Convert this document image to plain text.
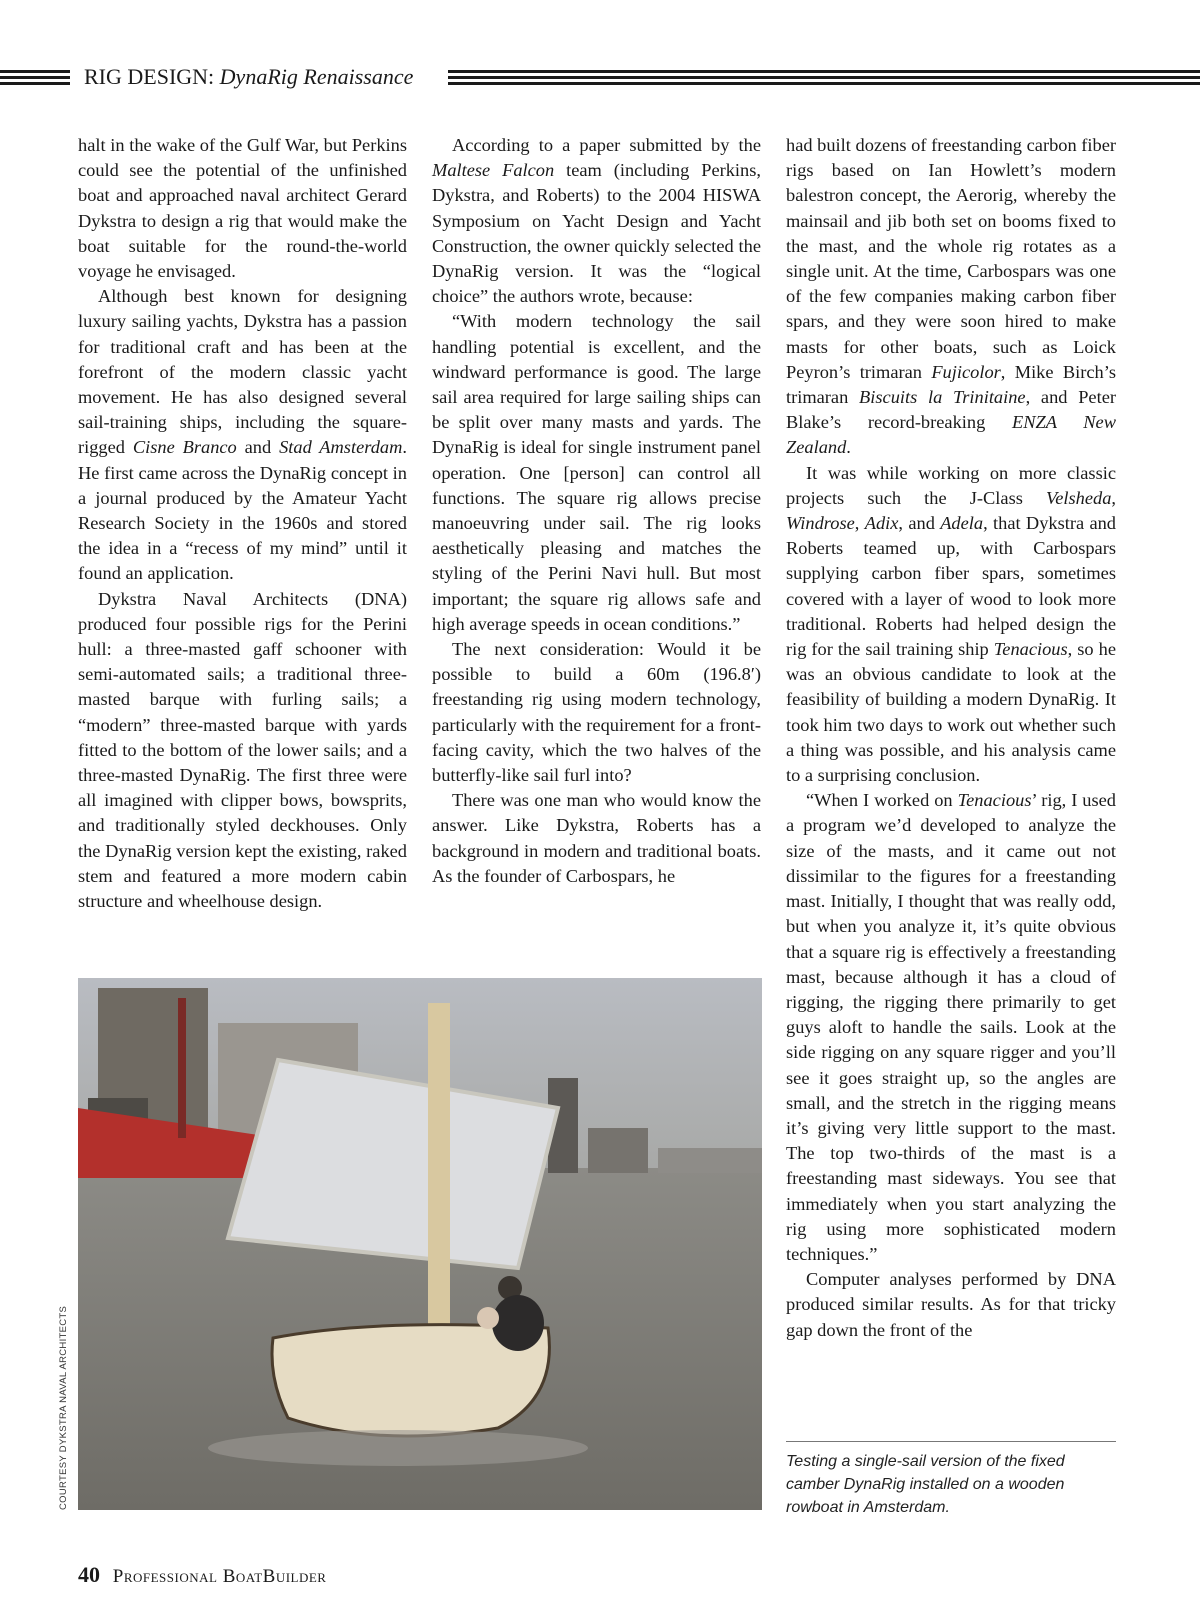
RIG DESIGN: DynaRig Renaissance

halt in the wake of the Gulf War, but Perkins could see the potential of the unfinished boat and approached naval architect Gerard Dykstra to design a rig that would make the boat suitable for the round-the-world voyage he envisaged.

Although best known for designing luxury sailing yachts, Dykstra has a passion for traditional craft and has been at the forefront of the modern classic yacht movement. He has also designed several sail-training ships, including the square-rigged Cisne Branco and Stad Amsterdam. He first came across the DynaRig concept in a journal produced by the Amateur Yacht Research Society in the 1960s and stored the idea in a “recess of my mind” until it found an application.

Dykstra Naval Architects (DNA) produced four possible rigs for the Perini hull: a three-masted gaff schooner with semi-automated sails; a traditional three-masted barque with furling sails; a “modern” three-masted barque with yards fitted to the bottom of the lower sails; and a three-masted DynaRig. The first three were all imagined with clipper bows, bowsprits, and traditionally styled deckhouses. Only the DynaRig version kept the existing, raked stem and featured a more modern cabin structure and wheelhouse design.

According to a paper submitted by the Maltese Falcon team (including Perkins, Dykstra, and Roberts) to the 2004 HISWA Symposium on Yacht Design and Yacht Construction, the owner quickly selected the DynaRig version. It was the “logical choice” the authors wrote, because:

“With modern technology the sail handling potential is excellent, and the windward performance is good. The large sail area required for large sailing ships can be split over many masts and yards. The DynaRig is ideal for single instrument panel operation. One [person] can control all functions. The square rig allows precise manoeuvring under sail. The rig looks aesthetically pleasing and matches the styling of the Perini Navi hull. But most important; the square rig allows safe and high average speeds in ocean conditions.”

The next consideration: Would it be possible to build a 60m (196.8′) freestanding rig using modern technology, particularly with the requirement for a front-facing cavity, which the two halves of the butterfly-like sail furl into?

There was one man who would know the answer. Like Dykstra, Roberts has a background in modern and traditional boats. As the founder of Carbospars, he

had built dozens of freestanding carbon fiber rigs based on Ian Howlett’s modern balestron concept, the Aerorig, whereby the mainsail and jib both set on booms fixed to the mast, and the whole rig rotates as a single unit. At the time, Carbospars was one of the few companies making carbon fiber spars, and they were soon hired to make masts for other boats, such as Loick Peyron’s trimaran Fujicolor, Mike Birch’s trimaran Biscuits la Trinitaine, and Peter Blake’s record-breaking ENZA New Zealand.

It was while working on more classic projects such the J-Class Velsheda, Windrose, Adix, and Adela, that Dykstra and Roberts teamed up, with Carbospars supplying carbon fiber spars, sometimes covered with a layer of wood to look more traditional. Roberts had helped design the rig for the sail training ship Tenacious, so he was an obvious candidate to look at the feasibility of building a modern DynaRig. It took him two days to work out whether such a thing was possible, and his analysis came to a surprising conclusion.

“When I worked on Tenacious’ rig, I used a program we’d developed to analyze the size of the masts, and it came out not dissimilar to the figures for a freestanding mast. Initially, I thought that was really odd, but when you analyze it, it’s quite obvious that a square rig is effectively a freestanding mast, because although it has a cloud of rigging, the rigging there primarily to get guys aloft to handle the sails. Look at the side rigging on any square rigger and you’ll see it goes straight up, so the angles are small, and the stretch in the rigging means it’s giving very little support to the mast. The top two-thirds of the mast is a freestanding mast sideways. You see that immediately when you start analyzing the rig using more sophisticated modern techniques.”

Computer analyses performed by DNA produced similar results. As for that tricky gap down the front of the

COURTESY DYKSTRA NAVAL ARCHITECTS	Testing a single-sail version of the fixed camber DynaRig installed on a wooden rowboat in Amsterdam.
40 Professional BoatBuilder
